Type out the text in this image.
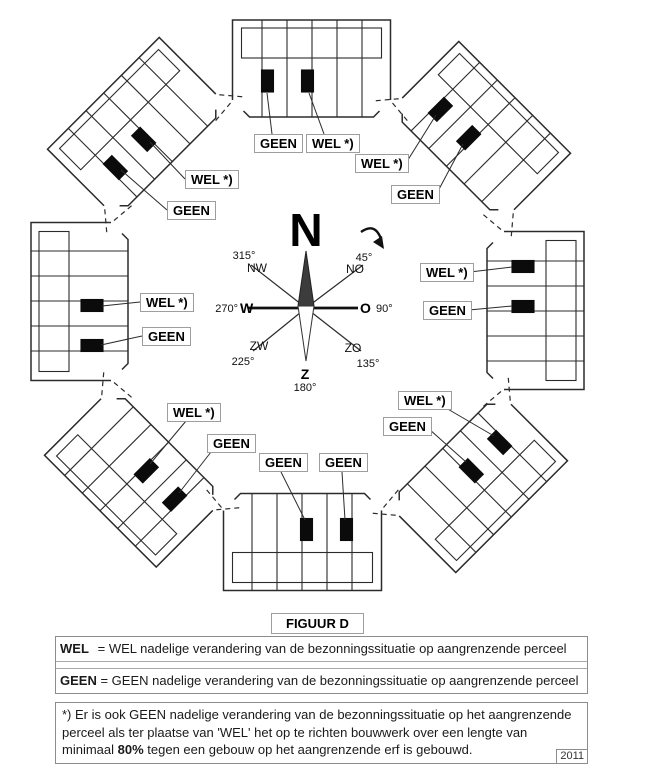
N
315°
NW
45°
NO
270° W	O 90°
ZW
225°
ZO
135°
Z
180°
GEEN	WEL *)
WEL *)
GEEN
WEL *)
GEEN
WEL *)
GEEN
WEL *)
GEEN
WEL *)
GEEN
GEEN	GEEN
WEL *)
GEEN
FIGUUR D
WEL = WEL nadelige verandering van de bezonningssituatie op aangrenzende perceel
GEEN = GEEN nadelige verandering van de bezonningssituatie op aangrenzende perceel
*) Er is ook GEEN nadelige verandering van de bezonningssituatie op het aangrenzende perceel als ter plaatse van 'WEL' het op te richten bouwwerk over een lengte van minimaal 80% tegen een gebouw op het aangrenzende erf is gebouwd.	2011
